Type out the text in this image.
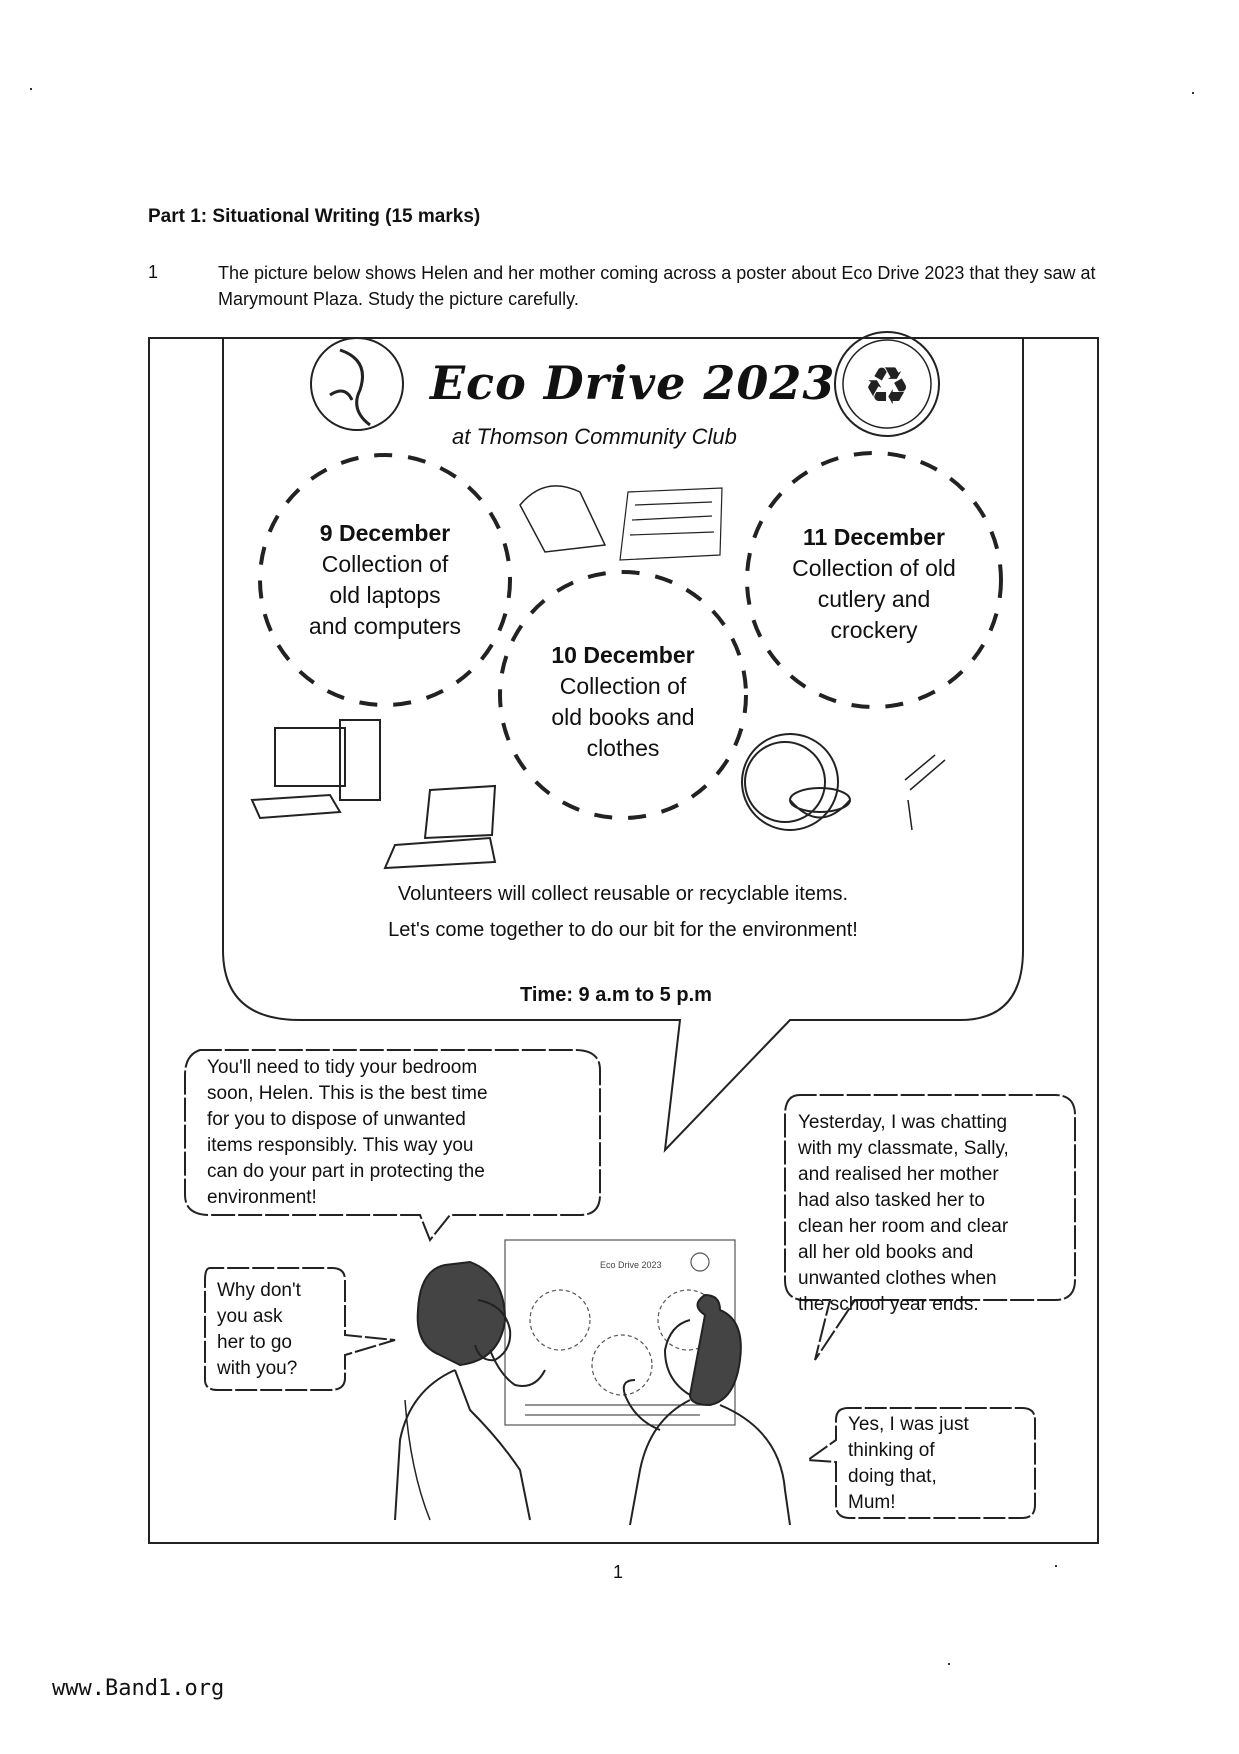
Part 1: Situational Writing (15 marks)
1	The picture below shows Helen and her mother coming across a poster about Eco Drive 2023 that they saw at Marymount Plaza. Study the picture carefully.
♻
Eco Drive 2023
Eco Drive 2023
at Thomson Community Club
9 December
Collection of
old laptops
and computers
10 December
Collection of
old books and
clothes
11 December
Collection of old
cutlery and
crockery
Volunteers will collect reusable or recyclable items.
Let's come together to do our bit for the environment!
Time: 9 a.m to 5 p.m
You'll need to tidy your bedroom
soon, Helen. This is the best time
for you to dispose of unwanted
items responsibly. This way you
can do your part in protecting the
environment!
Yesterday, I was chatting
with my classmate, Sally,
and realised her mother
had also tasked her to
clean her room and clear
all her old books and
unwanted clothes when
the school year ends.
Why don't
you ask
her to go
with you?
Yes, I was just
thinking of
doing that,
Mum!
1
www.Band1.org
